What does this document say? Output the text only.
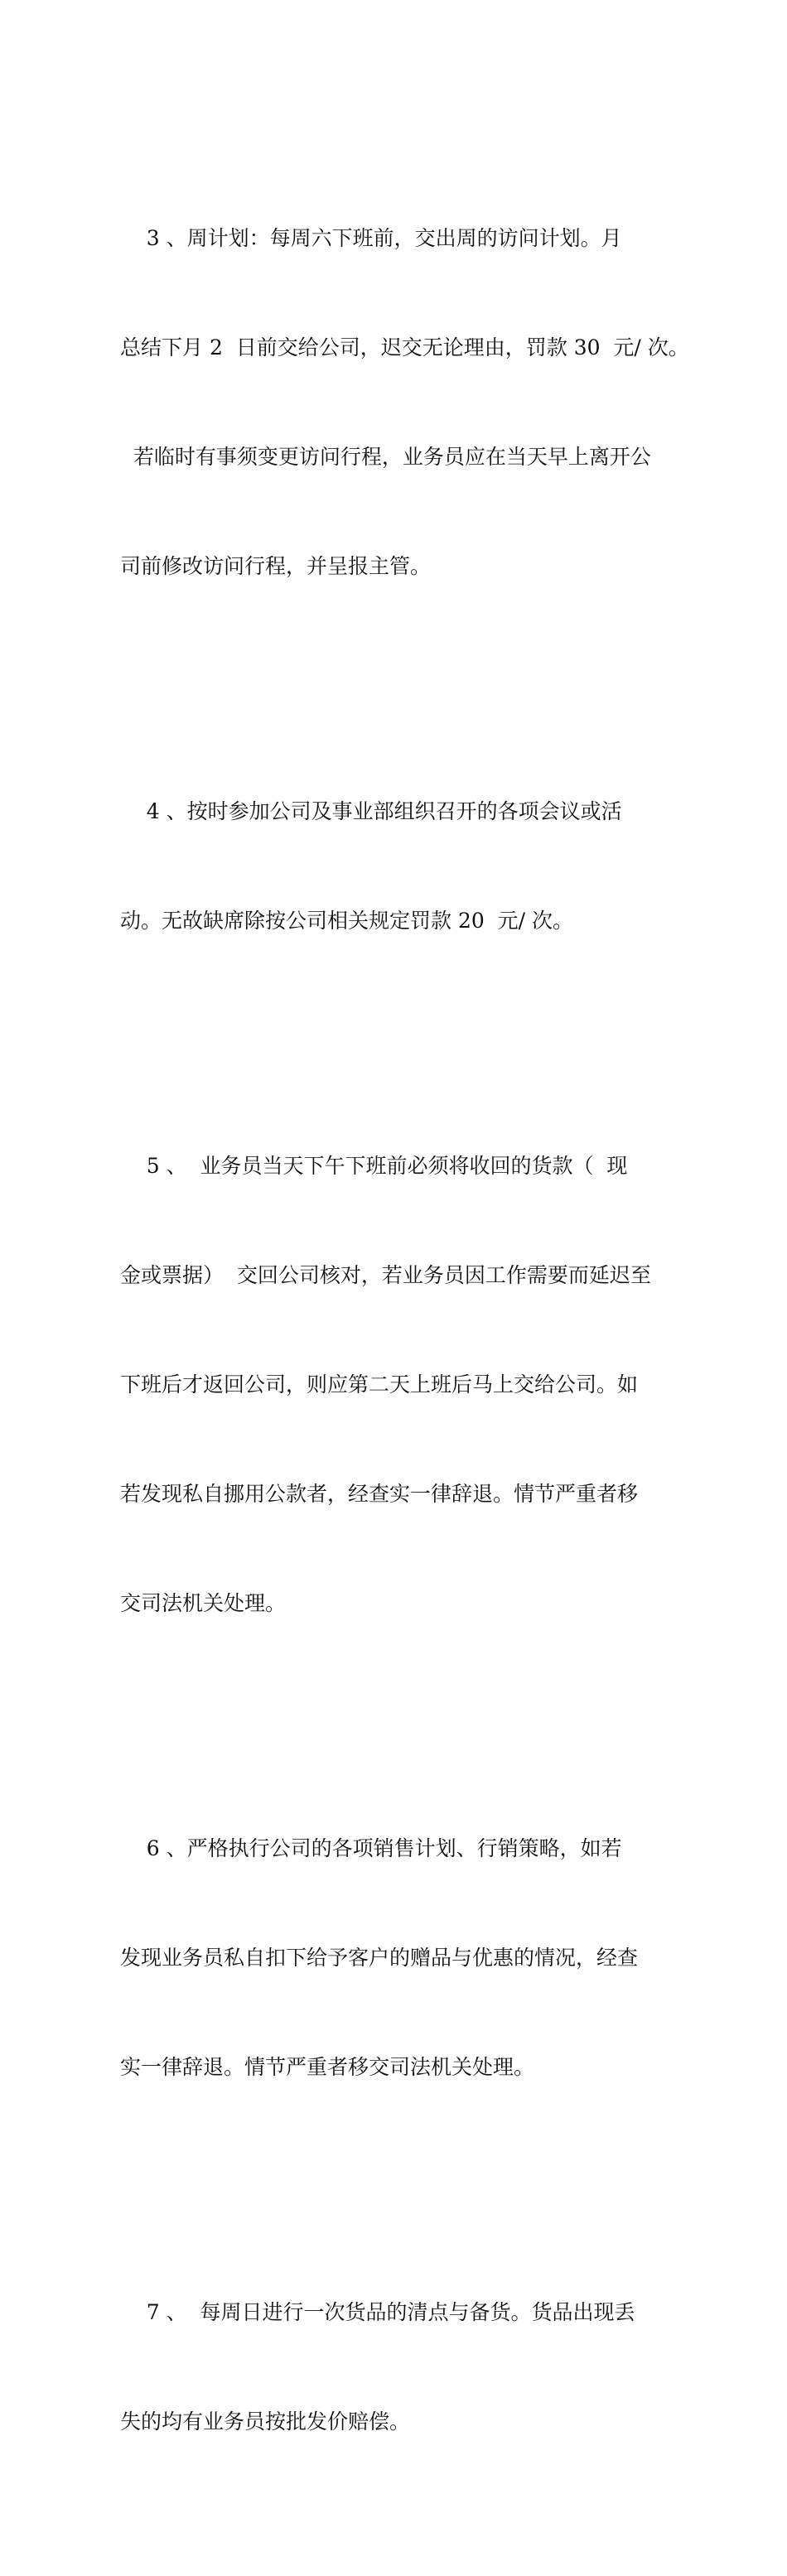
3 、周计划：每周六下班前，交出周的访问计划。月

总结下月 2  日前交给公司，迟交无论理由，罚款 30  元/ 次。

若临时有事须变更访问行程，业务员应在当天早上离开公

司前修改访问行程，并呈报主管。

4 、按时参加公司及事业部组织召开的各项会议或活

动。无故缺席除按公司相关规定罚款 20  元/ 次。

5 、  业务员当天下午下班前必须将收回的货款（  现

金或票据）  交回公司核对，若业务员因工作需要而延迟至

下班后才返回公司，则应第二天上班后马上交给公司。如

若发现私自挪用公款者，经查实一律辞退。情节严重者移

交司法机关处理。

6 、严格执行公司的各项销售计划、行销策略，如若

发现业务员私自扣下给予客户的赠品与优惠的情况，经查

实一律辞退。情节严重者移交司法机关处理。

7 、  每周日进行一次货品的清点与备货。货品出现丢

失的均有业务员按批发价赔偿。
